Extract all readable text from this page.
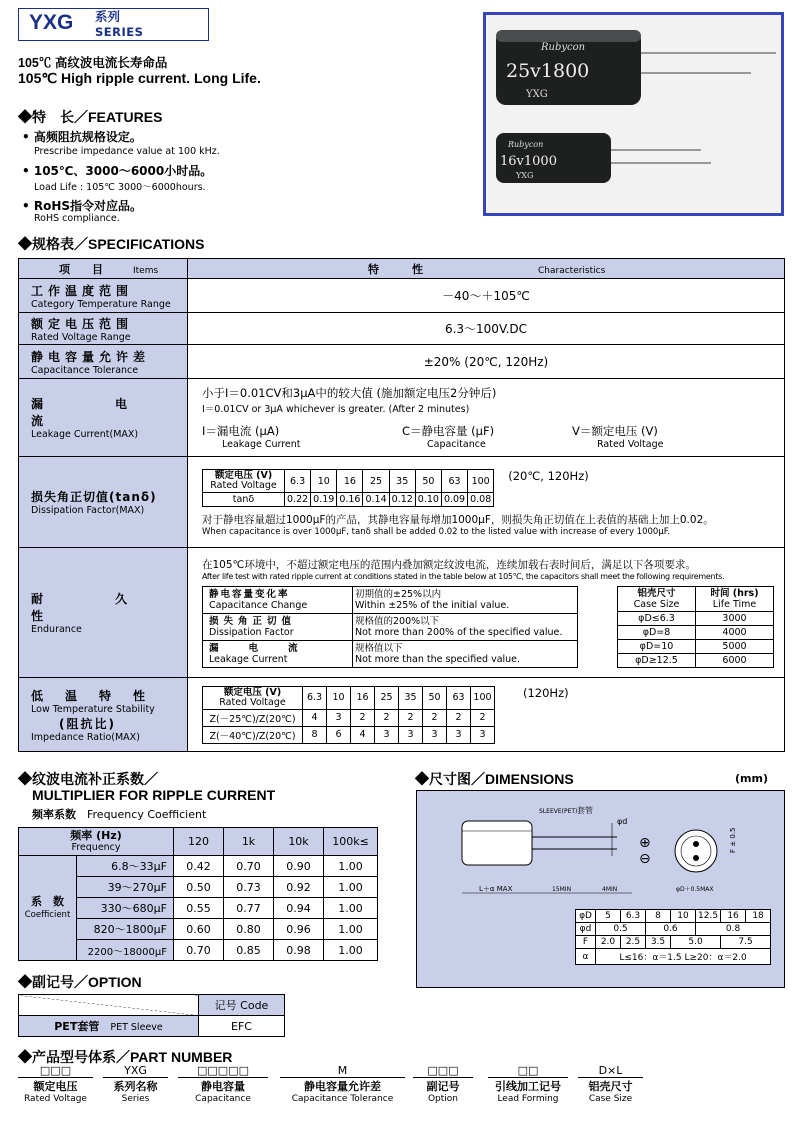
YXG 系列
SERIES
105℃ 高纹波电流长寿命品
105℃ High ripple current. Long Life.
Rubycon
25v1800
YXG
Rubycon
16v1000
YXG
◆特　长／FEATURES
• 高频阻抗规格设定。
Prescribe impedance value at 100 kHz.
• 105℃、3000～6000小时品。
Load Life : 105℃ 3000～6000hours.
• RoHS指令对应品。
RoHS compliance.
◆规格表／SPECIFICATIONS
项　　目　　　	Items	特　　　性	Characteristics

工作温度范围
Category Temperature Range
	－40～＋105℃

额定电压范围
Rated Voltage Range
	6.3～100V.DC

静电容量允许差
Capacitance Tolerance
	±20% (20℃, 120Hz)

漏　电　流
Leakage Current(MAX)

小于I＝0.01CV和3μA中的较大值 (施加额定电压2分钟后)
I＝0.01CV or 3μA whichever is greater. (After 2 minutes)
I＝漏电流 (μA)
Leakage Current
C＝静电容量 (μF)
Capacitance
V＝额定电压 (V)
Rated Voltage

损失角正切值(tanδ)
Dissipation Factor(MAX)

额定电压 (V)
Rated Voltage	6.3	10	16	25	35	50	63	100
tanδ	0.22	0.19	0.16	0.14	0.12	0.10	0.09	0.08
(20℃, 120Hz)
对于静电容量超过1000μF的产品，其静电容量每增加1000μF，则损失角正切值在上表值的基础上加上0.02。
When capacitance is over 1000μF, tanδ shall be added 0.02 to the listed value with increase of every 1000μF.

耐　久　性
Endurance

在105℃环境中，不超过额定电压的范围内叠加额定纹波电流，连续加载右表时间后，满足以下各项要求。
After life test with rated ripple current at conditions stated in the table below at 105℃, the capacitors shall meet the following requirements.
静电容量变化率
Capacitance Change	初期值的±25%以内
Within ±25% of the initial value.
损失角正切值
Dissipation Factor	规格值的200%以下
Not more than 200% of the specified value.
漏电流
Leakage Current	规格值以下
Not more than the specified value.
铝壳尺寸
Case Size	时间 (hrs)
Life Time
φD≤6.3	3000
φD=8	4000
φD=10	5000
φD≥12.5	6000

低温特性
Low Temperature Stability
(阻抗比)
Impedance Ratio(MAX)

额定电压 (V)
Rated Voltage	6.3	10	16	25	35	50	63	100
Z(－25℃)/Z(20℃)	4	3	2	2	2	2	2	2
Z(－40℃)/Z(20℃)	8	6	4	3	3	3	3	3
(120Hz)
◆纹波电流补正系数／
MULTIPLIER FOR RIPPLE CURRENT
频率系数　 Frequency Coefficient
频率 (Hz)
Frequency		120	1k	10k	100k≤
系　数
Coefficient	6.8～33μF	0.42	0.70	0.90	1.00
	39～270μF	0.50	0.73	0.92	1.00
	330～680μF	0.55	0.77	0.94	1.00
	820～1800μF	0.60	0.80	0.96	1.00
	2200～18000μF	0.70	0.85	0.98	1.00
◆尺寸图／DIMENSIONS	(mm)
套管
SLEEVE(PET)
φd
L＋α MAX	15MIN	4MIN
⊕
⊖
φD＋0.5MAX
F ± 0.5
φD	5	6.3	8	10	12.5	16	18
φd	0.5		0.6		0.8		
F	2.0	2.5	3.5	5.0		7.5	
α	L≤16：α＝1.5 L≥20：α＝2.0						
◆副记号／OPTION
	记号 Code
PET套管　 PET Sleeve	EFC
◆产品型号体系／PART NUMBER
□□□
额定电压
Rated Voltage
YXG
系列名称
Series
□□□□□
静电容量
Capacitance
M
静电容量允许差
Capacitance Tolerance
□□□
副记号
Option
□□
引线加工记号
Lead Forming
D×L
铝壳尺寸
Case Size
